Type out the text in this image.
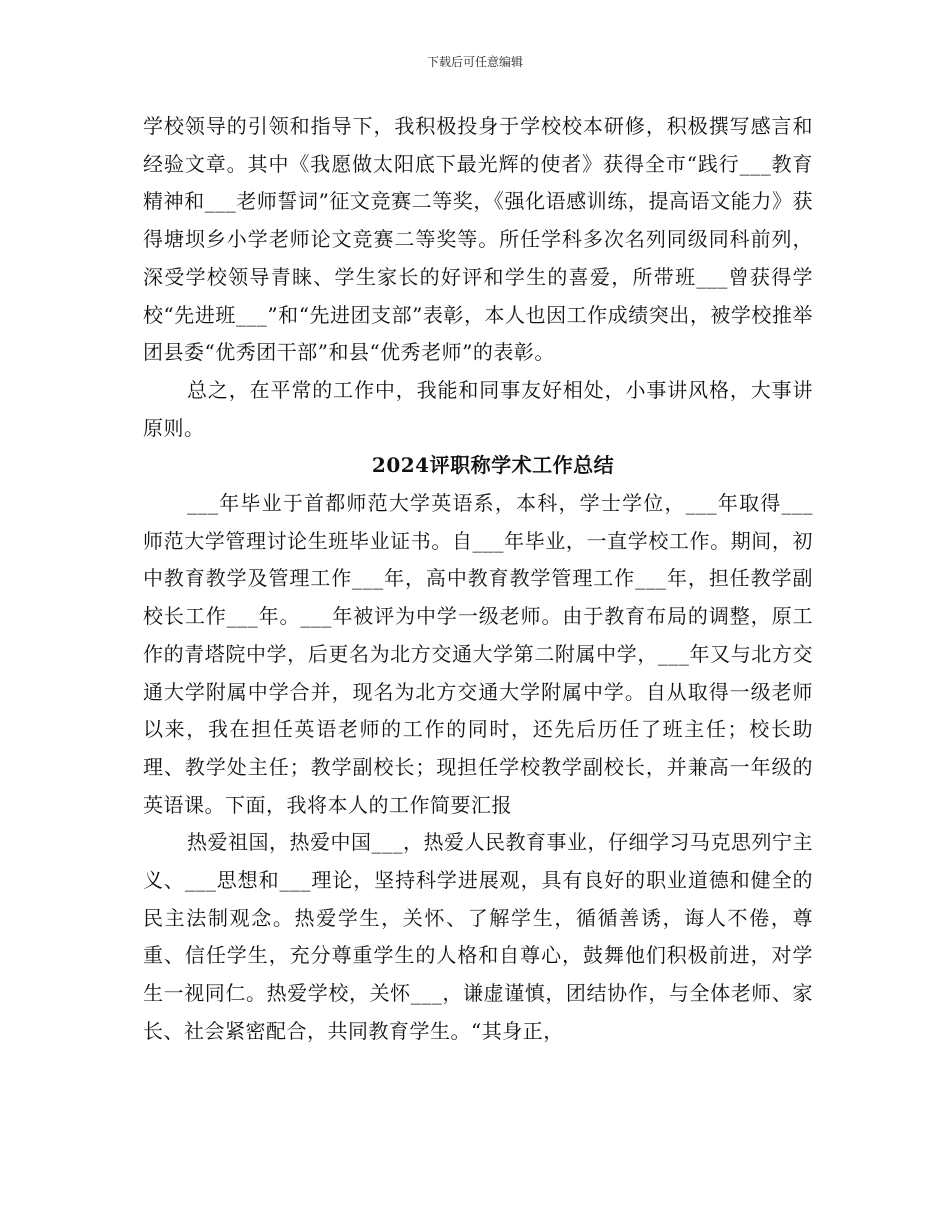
下载后可任意编辑

学校领导的引领和指导下，我积极投身于学校校本研修，积极撰写感言和经验文章。其中《我愿做太阳底下最光辉的使者》获得全市“践行___教育精神和___老师誓词”征文竞赛二等奖，《强化语感训练，提高语文能力》获得塘坝乡小学老师论文竞赛二等奖等。所任学科多次名列同级同科前列，深受学校领导青睐、学生家长的好评和学生的喜爱，所带班___曾获得学校“先进班___”和“先进团支部”表彰，本人也因工作成绩突出，被学校推举团县委“优秀团干部”和县“优秀老师”的表彰。

总之，在平常的工作中，我能和同事友好相处，小事讲风格，大事讲原则。

2024评职称学术工作总结

___年毕业于首都师范大学英语系，本科，学士学位，___年取得___师范大学管理讨论生班毕业证书。自___年毕业，一直学校工作。期间，初中教育教学及管理工作___年，高中教育教学管理工作___年，担任教学副校长工作___年。___年被评为中学一级老师。由于教育布局的调整，原工作的青塔院中学，后更名为北方交通大学第二附属中学，___年又与北方交通大学附属中学合并，现名为北方交通大学附属中学。自从取得一级老师以来，我在担任英语老师的工作的同时，还先后历任了班主任；校长助理、教学处主任；教学副校长；现担任学校教学副校长，并兼高一年级的英语课。下面，我将本人的工作简要汇报

热爱祖国，热爱中国___，热爱人民教育事业，仔细学习马克思列宁主义、___思想和___理论，坚持科学进展观，具有良好的职业道德和健全的民主法制观念。热爱学生，关怀、了解学生，循循善诱，诲人不倦，尊重、信任学生，充分尊重学生的人格和自尊心，鼓舞他们积极前进，对学生一视同仁。热爱学校，关怀___，谦虚谨慎，团结协作，与全体老师、家长、社会紧密配合，共同教育学生。“其身正，
